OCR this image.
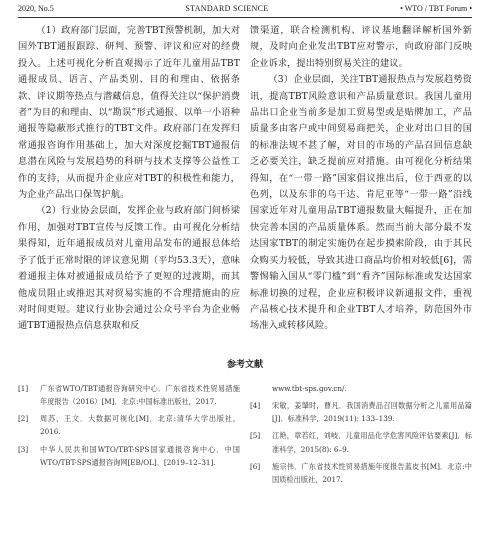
2020, No.5	STANDARD SCIENCE	• WTO / TBT Forum •

（1）政府部门层面，完善TBT预警机制，加大对国外TBT通报跟踪、研判、预警、评议和应对的经费投入。上述可视化分析直观揭示了近年儿童用品TBT通报成员、语言、产品类别、目的和理由、依据条款、评议期等热点与潜藏信息，值得关注以“保护消费者”为目的和理由、以“勘误”形式通报、以单一小语种通报等隐蔽形式推行的TBT文件。政府部门在发挥归常通报咨询作用基础上，加大对深度挖掘TBT通报信息潜在风险与发展趋势的科研与技术支撑等公益性工作的支持，从而提升企业应对TBT的积极性和能力，为企业产品出口保驾护航。

（2）行业协会层面，发挥企业与政府部门间桥梁作用，加强对TBT宣传与反馈工作。由可视化分析结果得知，近年通报成员对儿童用品发布的通报总体给予了低于正常时限的评议意见期（平均53.3天），意味着通报主体对被通报成员给予了更短的过渡期，而其他成员阻止或推迟其对贸易实施的不合理措施由的应对时间更短。建议行业协会通过公众号平台为企业畅通TBT通报热点信息获取和反

馈渠道，联合检测机构、评议基地翻译解析国外新规，及时向企业发出TBT应对警示，向政府部门反映企业诉求，提出特别贸易关注的建议。

（3）企业层面，关注TBT通报热点与发展趋势资讯，提高TBT风险意识和产品质量意识。我国儿童用品出口企业当前多是加工贸易型或是贴牌加工，产品质量多由客户或中间贸易商把关，企业对出口目的国的标准法规不甚了解，对目的市场的产品召回信息缺乏必要关注，缺乏提前应对措施。由可视化分析结果得知，在“一带一路”国家倡议推出后，位于西亚的以色列，以及东非的乌干达、肯尼亚等“一带一路”沿线国家近年对儿童用品TBT通报数量大幅提升，正在加快完善本国的产品质量体系。然而当前大部分最不发达国家TBT的制定实施仍在起步摸索阶段，由于其民众购买力较低，导致其进口商品均价相对较低[6]，需警惕输入国从“零门槛”到“看齐”国际标准或发达国家标准切换的过程，企业应积极评议新通报文件，重视产品核心技术提升和企业TBT人才培养，防范国外市场准入或转移风险。

参考文献
[1]	广东省WTO/TBT通报咨询研究中心．广东省技术性贸易措施年度报告（2016）[M]．北京:中国标准出版社，2017.
[2]	周苏，王文．大数据可视化[M]．北京:清华大学出版社，2016.
[3]	中华人民共和国WTO/TBT-SPS国家通报咨询中心．中国WTO/TBT-SPS通报咨询网[EB/OL]．[2019–12–31].
www.tbt-sps.gov.cn/.
[4]	宋敏，姜肇时，曹凡．我国消费品召回数据分析之儿童用品篇[J]．标准科学，2019(11): 133–139.
[5]	江艳，章若红，刘岐．儿童用品化学危害风险评估要素[J]．标准科学，2015(8): 6–9.
[6]	施宗伟．广东省技术性贸易措施年度报告蓝皮书[M]．北京:中国质检出版社，2017.
